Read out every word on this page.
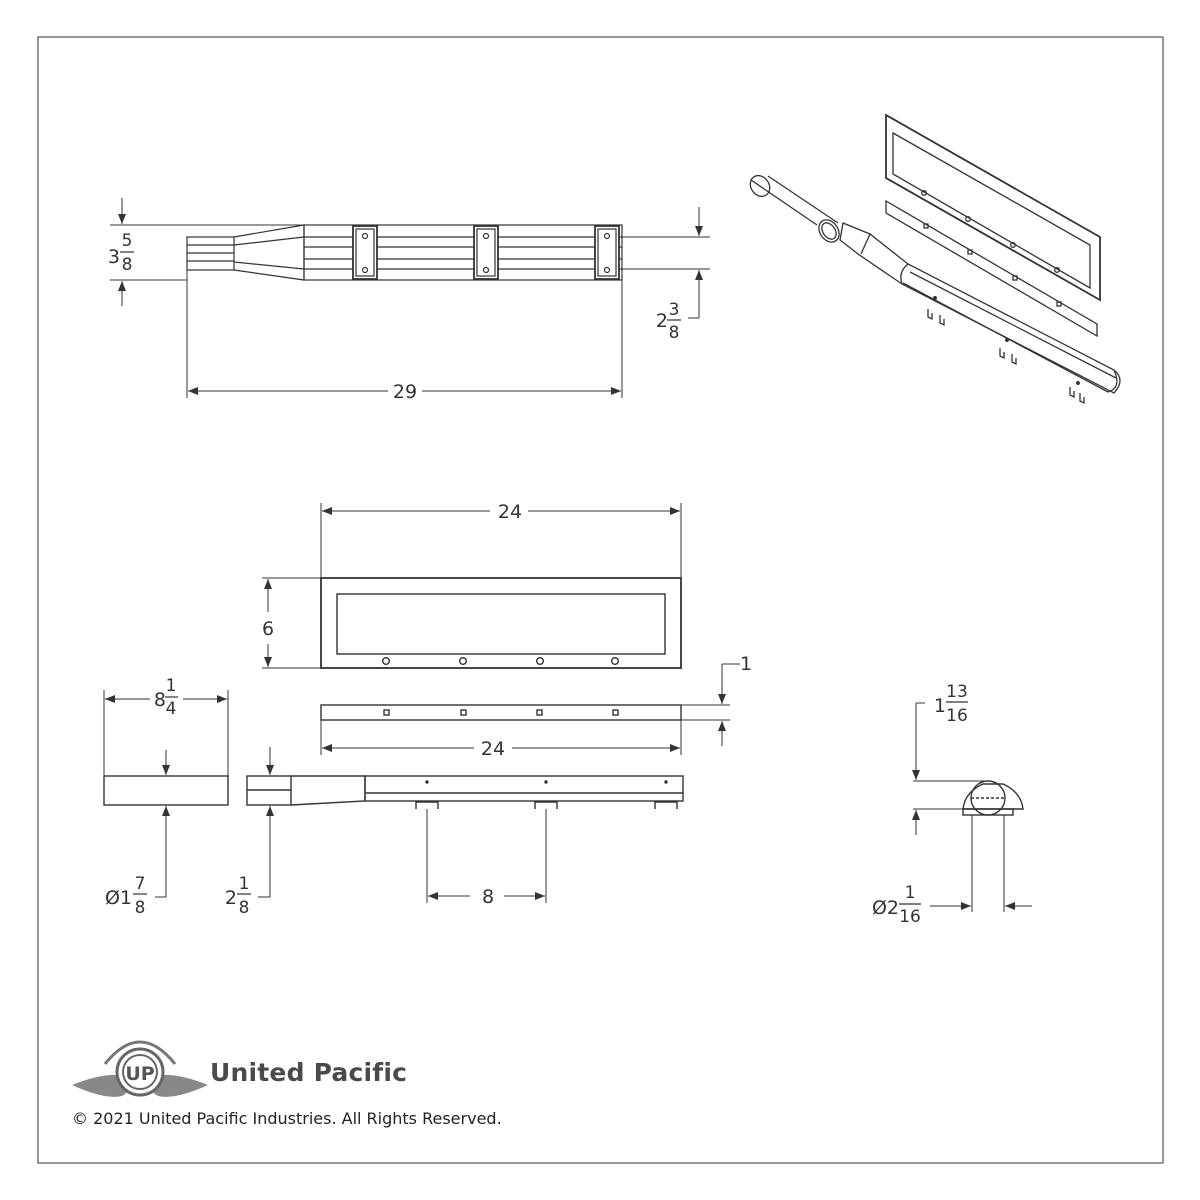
3
5
8
2 3
8
29
24
6
1
24
8
1
4
Ø1
7
8	2
1
8	8
1
13
16
Ø2
1
16
UP United Pacific
© 2021 United Pacific Industries. All Rights Reserved.
